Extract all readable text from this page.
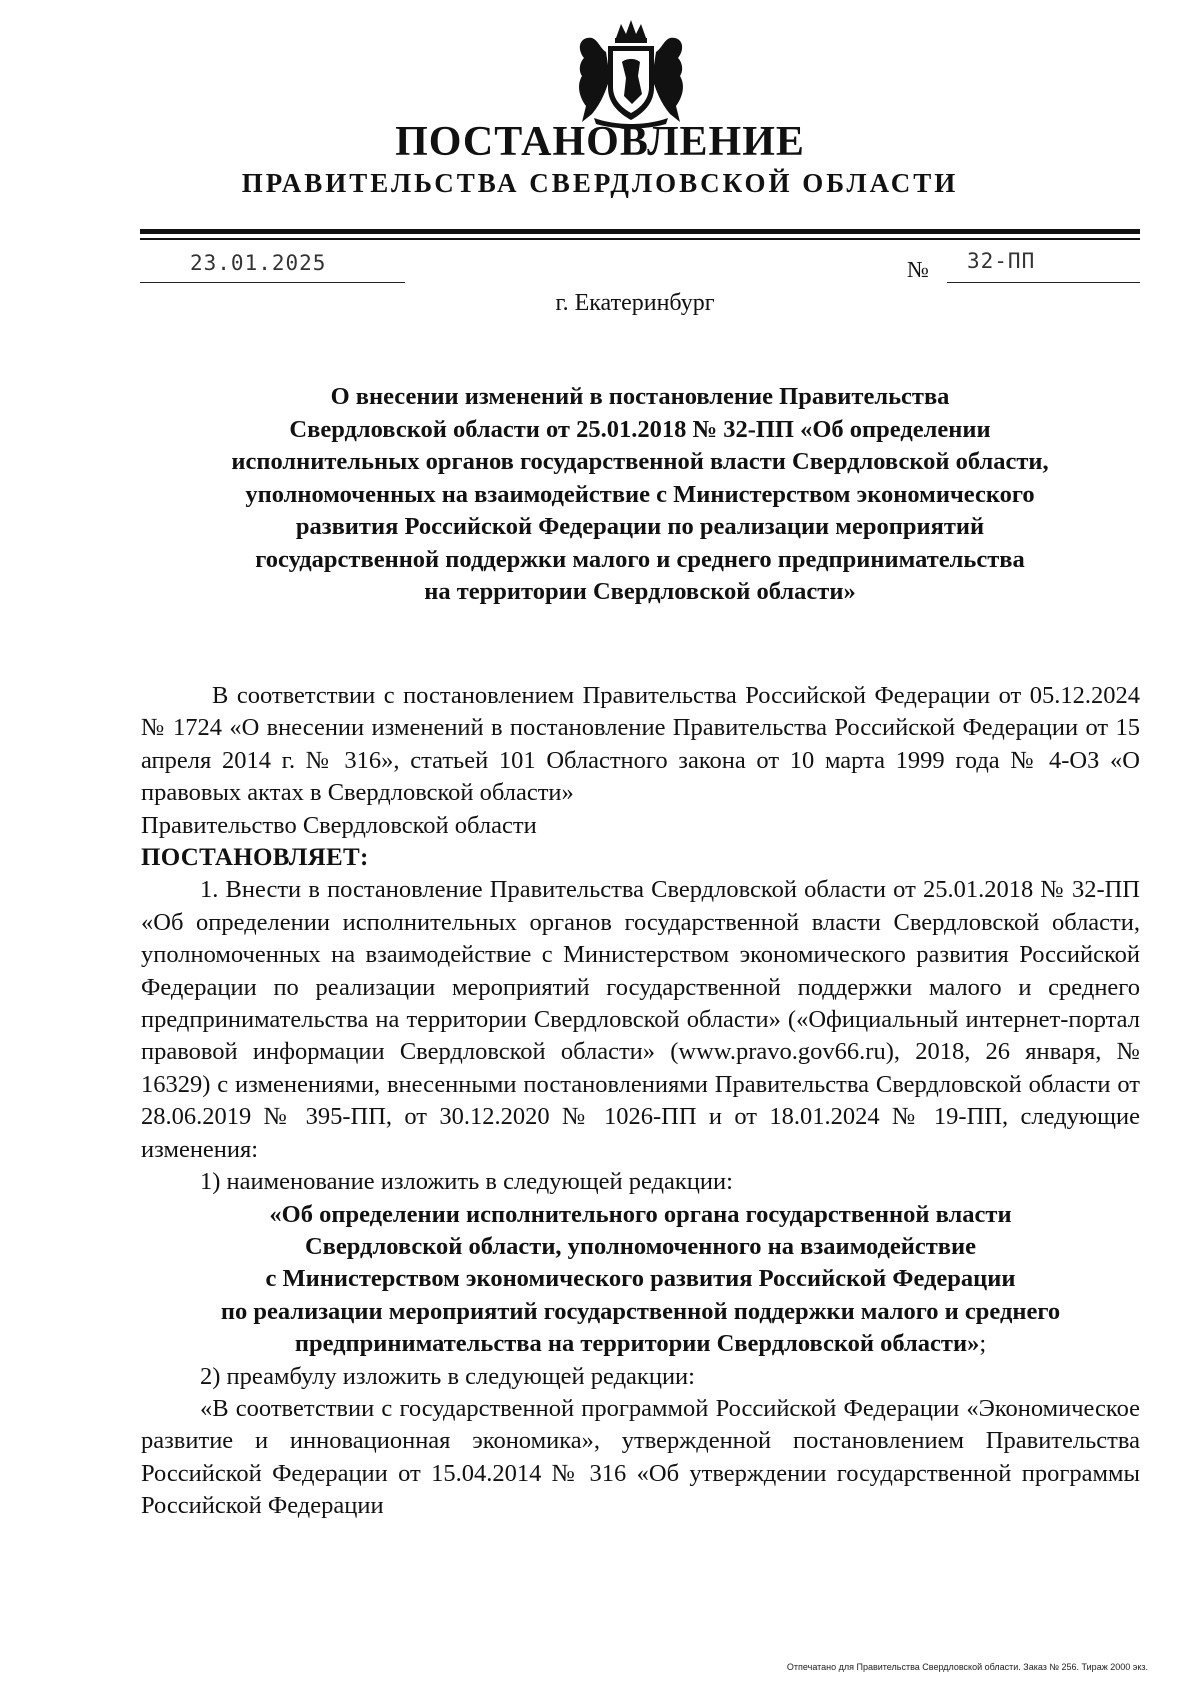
ПОСТАНОВЛЕНИЕ
ПРАВИТЕЛЬСТВА СВЕРДЛОВСКОЙ ОБЛАСТИ
23.01.2025	№ 32-ПП
г. Екатеринбург
О внесении изменений в постановление Правительства
Свердловской области от 25.01.2018 № 32-ПП «Об определении
исполнительных органов государственной власти Свердловской области,
уполномоченных на взаимодействие с Министерством экономического
развития Российской Федерации по реализации мероприятий
государственной поддержки малого и среднего предпринимательства
на территории Свердловской области»

В соответствии с постановлением Правительства Российской Федерации от 05.12.2024 № 1724 «О внесении изменений в постановление Правительства Российской Федерации от 15 апреля 2014 г. № 316», статьей 101 Областного закона от 10 марта 1999 года № 4-ОЗ «О правовых актах в Свердловской области»

Правительство Свердловской области

ПОСТАНОВЛЯЕТ:

1. Внести в постановление Правительства Свердловской области от 25.01.2018 № 32-ПП «Об определении исполнительных органов государственной власти Свердловской области, уполномоченных на взаимодействие с Министерством экономического развития Российской Федерации по реализации мероприятий государственной поддержки малого и среднего предпринимательства на территории Свердловской области» («Официальный интернет-портал правовой информации Свердловской области» (www.pravo.gov66.ru), 2018, 26 января, № 16329) с изменениями, внесенными постановлениями Правительства Свердловской области от 28.06.2019 № 395-ПП, от 30.12.2020 № 1026-ПП и от 18.01.2024 № 19-ПП, следующие изменения:

1) наименование изложить в следующей редакции:

«Об определении исполнительного органа государственной власти
Свердловской области, уполномоченного на взаимодействие
с Министерством экономического развития Российской Федерации
по реализации мероприятий государственной поддержки малого и среднего
предпринимательства на территории Свердловской области»;

2) преамбулу изложить в следующей редакции:

«В соответствии с государственной программой Российской Федерации «Экономическое развитие и инновационная экономика», утвержденной постановлением Правительства Российской Федерации от 15.04.2014 № 316 «Об утверждении государственной программы Российской Федерации

Отпечатано для Правительства Свердловской области. Заказ № 256. Тираж 2000 экз.
